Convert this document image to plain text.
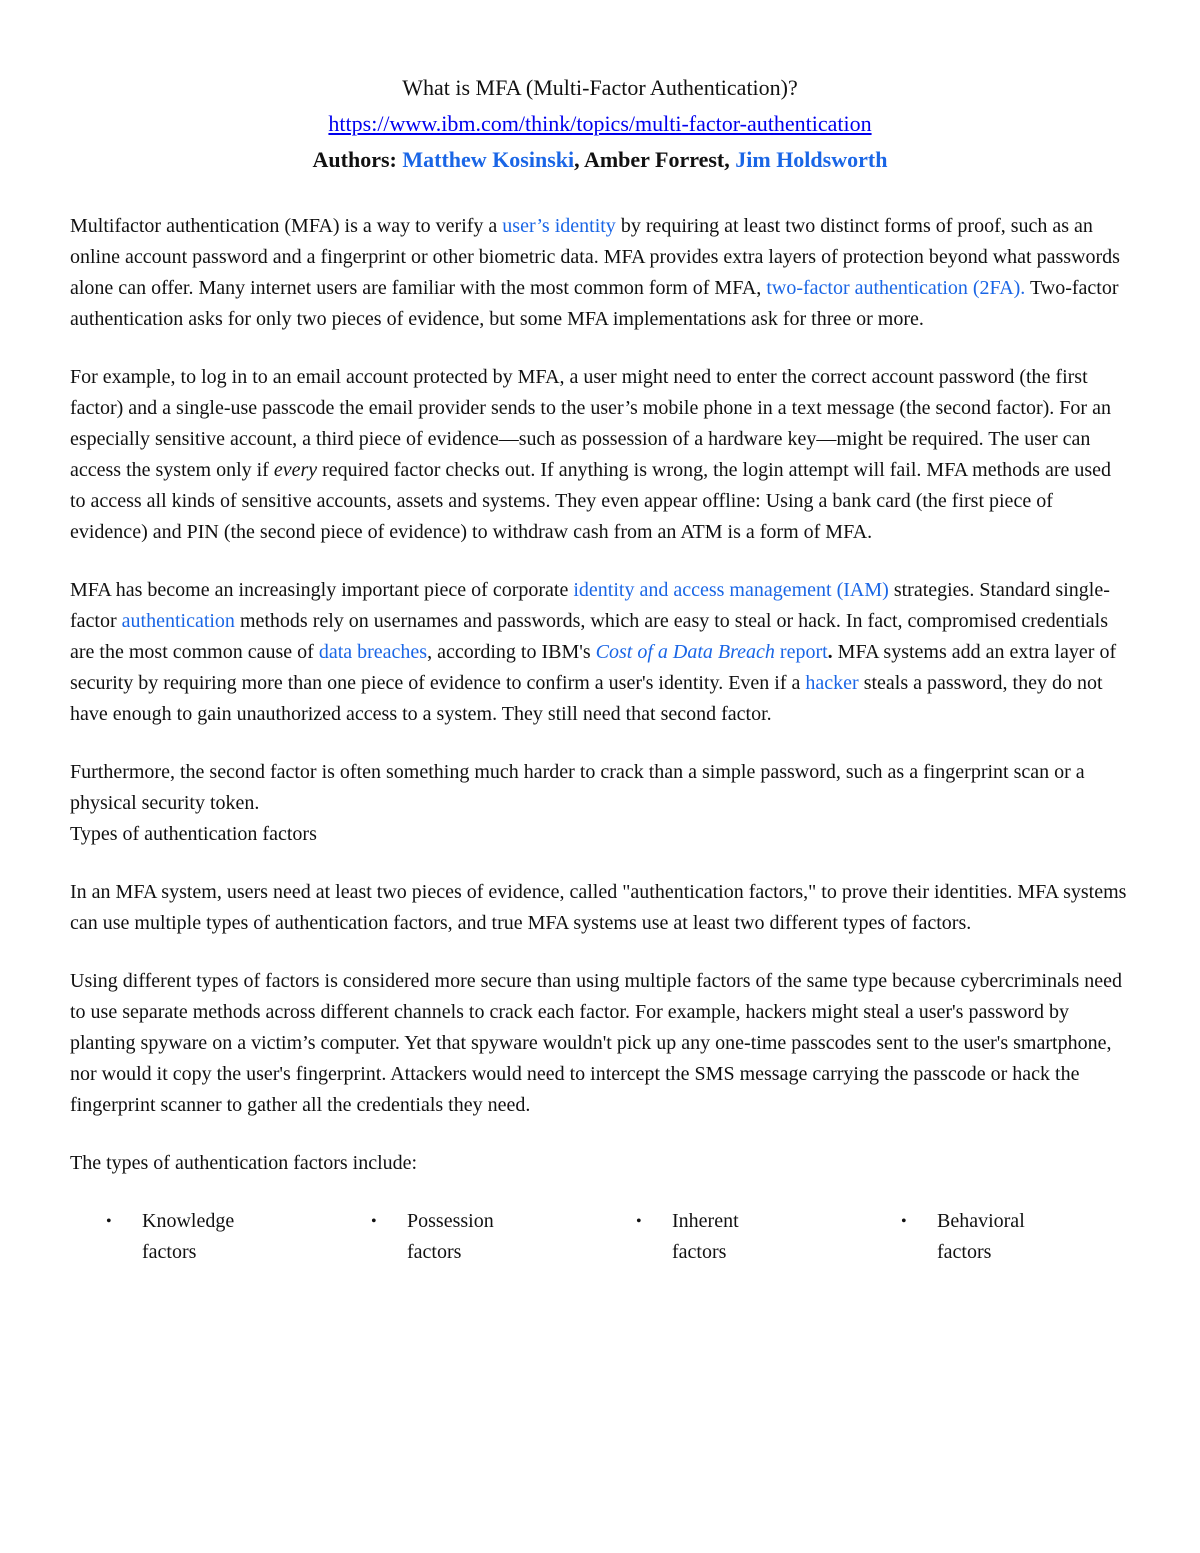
What is MFA (Multi-Factor Authentication)?
https://www.ibm.com/think/topics/multi-factor-authentication
Authors: Matthew Kosinski, Amber Forrest, Jim Holdsworth

Multifactor authentication (MFA) is a way to verify a user’s identity by requiring at least two distinct forms of proof, such as an online account password and a fingerprint or other biometric data. MFA provides extra layers of protection beyond what passwords alone can offer. Many internet users are familiar with the most common form of MFA, two-factor authentication (2FA). Two-factor authentication asks for only two pieces of evidence, but some MFA implementations ask for three or more.

For example, to log in to an email account protected by MFA, a user might need to enter the correct account password (the first factor) and a single-use passcode the email provider sends to the user’s mobile phone in a text message (the second factor). For an especially sensitive account, a third piece of evidence—such as possession of a hardware key—might be required. The user can access the system only if every required factor checks out. If anything is wrong, the login attempt will fail. MFA methods are used to access all kinds of sensitive accounts, assets and systems. They even appear offline: Using a bank card (the first piece of evidence) and PIN (the second piece of evidence) to withdraw cash from an ATM is a form of MFA.

MFA has become an increasingly important piece of corporate identity and access management (IAM) strategies. Standard single-factor authentication methods rely on usernames and passwords, which are easy to steal or hack. In fact, compromised credentials are the most common cause of data breaches, according to IBM's Cost of a Data Breach report. MFA systems add an extra layer of security by requiring more than one piece of evidence to confirm a user's identity. Even if a hacker steals a password, they do not have enough to gain unauthorized access to a system. They still need that second factor.

Furthermore, the second factor is often something much harder to crack than a simple password, such as a fingerprint scan or a physical security token.

Types of authentication factors

In an MFA system, users need at least two pieces of evidence, called "authentication factors," to prove their identities. MFA systems can use multiple types of authentication factors, and true MFA systems use at least two different types of factors.

Using different types of factors is considered more secure than using multiple factors of the same type because cybercriminals need to use separate methods across different channels to crack each factor. For example, hackers might steal a user's password by planting spyware on a victim’s computer. Yet that spyware wouldn't pick up any one-time passcodes sent to the user's smartphone, nor would it copy the user's fingerprint. Attackers would need to intercept the SMS message carrying the passcode or hack the fingerprint scanner to gather all the credentials they need.

The types of authentication factors include:

•	Knowledge factors
•	Possession factors
•	Inherent factors
•	Behavioral factors
